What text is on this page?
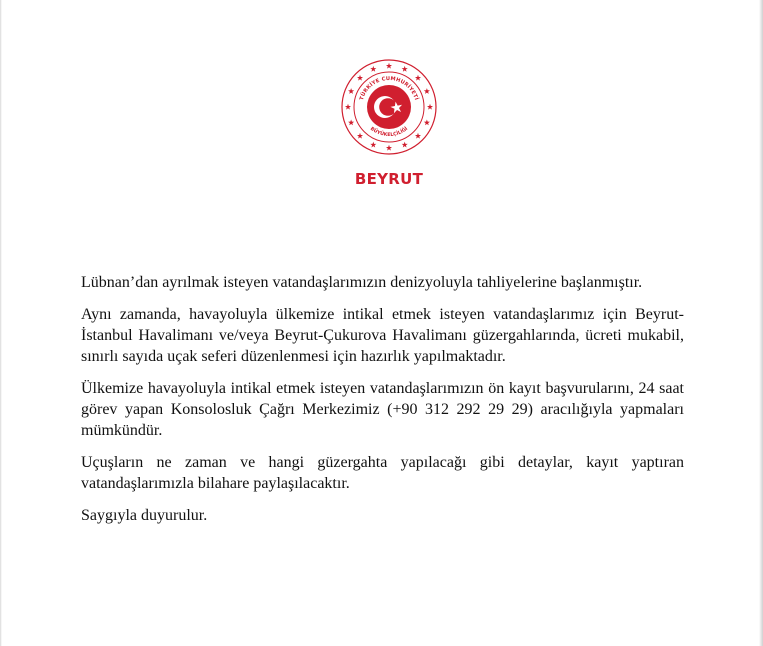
TÜRKİYE CUMHURİYETİ
BÜYÜKELÇİLİĞİ
BEYRUT

Lübnan’dan ayrılmak isteyen vatandaşlarımızın denizyoluyla tahliyelerine başlanmıştır.

Aynı zamanda, havayoluyla ülkemize intikal etmek isteyen vatandaşlarımız için Beyrut-İstanbul Havalimanı ve/veya Beyrut-Çukurova Havalimanı güzergahlarında, ücreti mukabil, sınırlı sayıda uçak seferi düzenlenmesi için hazırlık yapılmaktadır.

Ülkemize havayoluyla intikal etmek isteyen vatandaşlarımızın ön kayıt başvurularını, 24 saat görev yapan Konsolosluk Çağrı Merkezimiz (+90 312 292 29 29) aracılığıyla yapmaları mümkündür.

Uçuşların ne zaman ve hangi güzergahta yapılacağı gibi detaylar, kayıt yaptıran vatandaşlarımızla bilahare paylaşılacaktır.

Saygıyla duyurulur.
